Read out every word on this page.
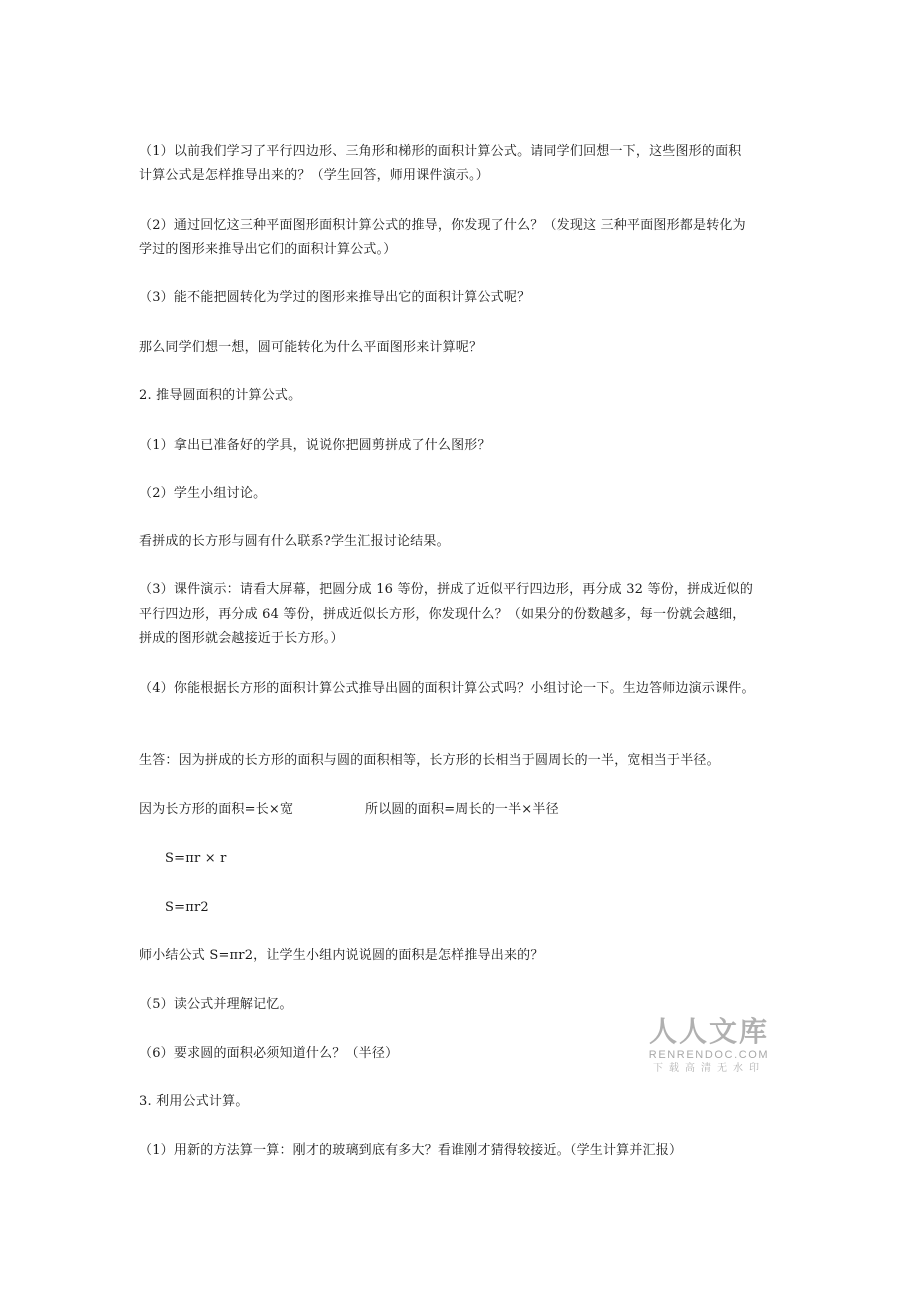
（1）以前我们学习了平行四边形、三角形和梯形的面积计算公式。请同学们回想一下，这些图形的面积
计算公式是怎样推导出来的？（学生回答，师用课件演示。）
（2）通过回忆这三种平面图形面积计算公式的推导，你发现了什么？（发现这 三种平面图形都是转化为
学过的图形来推导出它们的面积计算公式。）
（3）能不能把圆转化为学过的图形来推导出它的面积计算公式呢？
那么同学们想一想，圆可能转化为什么平面图形来计算呢？
2. 推导圆面积的计算公式。
（1）拿出已准备好的学具，说说你把圆剪拼成了什么图形？
（2）学生小组讨论。
看拼成的长方形与圆有什么联系?学生汇报讨论结果。
（3）课件演示：请看大屏幕，把圆分成 16 等份，拼成了近似平行四边形，再分成 32 等份，拼成近似的
平行四边形，再分成 64 等份，拼成近似长方形，你发现什么？（如果分的份数越多，每一份就会越细，
拼成的图形就会越接近于长方形。）
（4）你能根据长方形的面积计算公式推导出圆的面积计算公式吗？小组讨论一下。生边答师边演示课件。
生答：因为拼成的长方形的面积与圆的面积相等，长方形的长相当于圆周长的一半，宽相当于半径。
因为长方形的面积=长×宽	所以圆的面积=周长的一半×半径
S=πr × r
S=πr2
师小结公式 S=πr2，让学生小组内说说圆的面积是怎样推导出来的？
（5）读公式并理解记忆。
（6）要求圆的面积必须知道什么？（半径）
3. 利用公式计算。
（1）用新的方法算一算：刚才的玻璃到底有多大？看谁刚才猜得较接近。（学生计算并汇报）
人人文库
RENRENDOC.COM
下载高清无水印
